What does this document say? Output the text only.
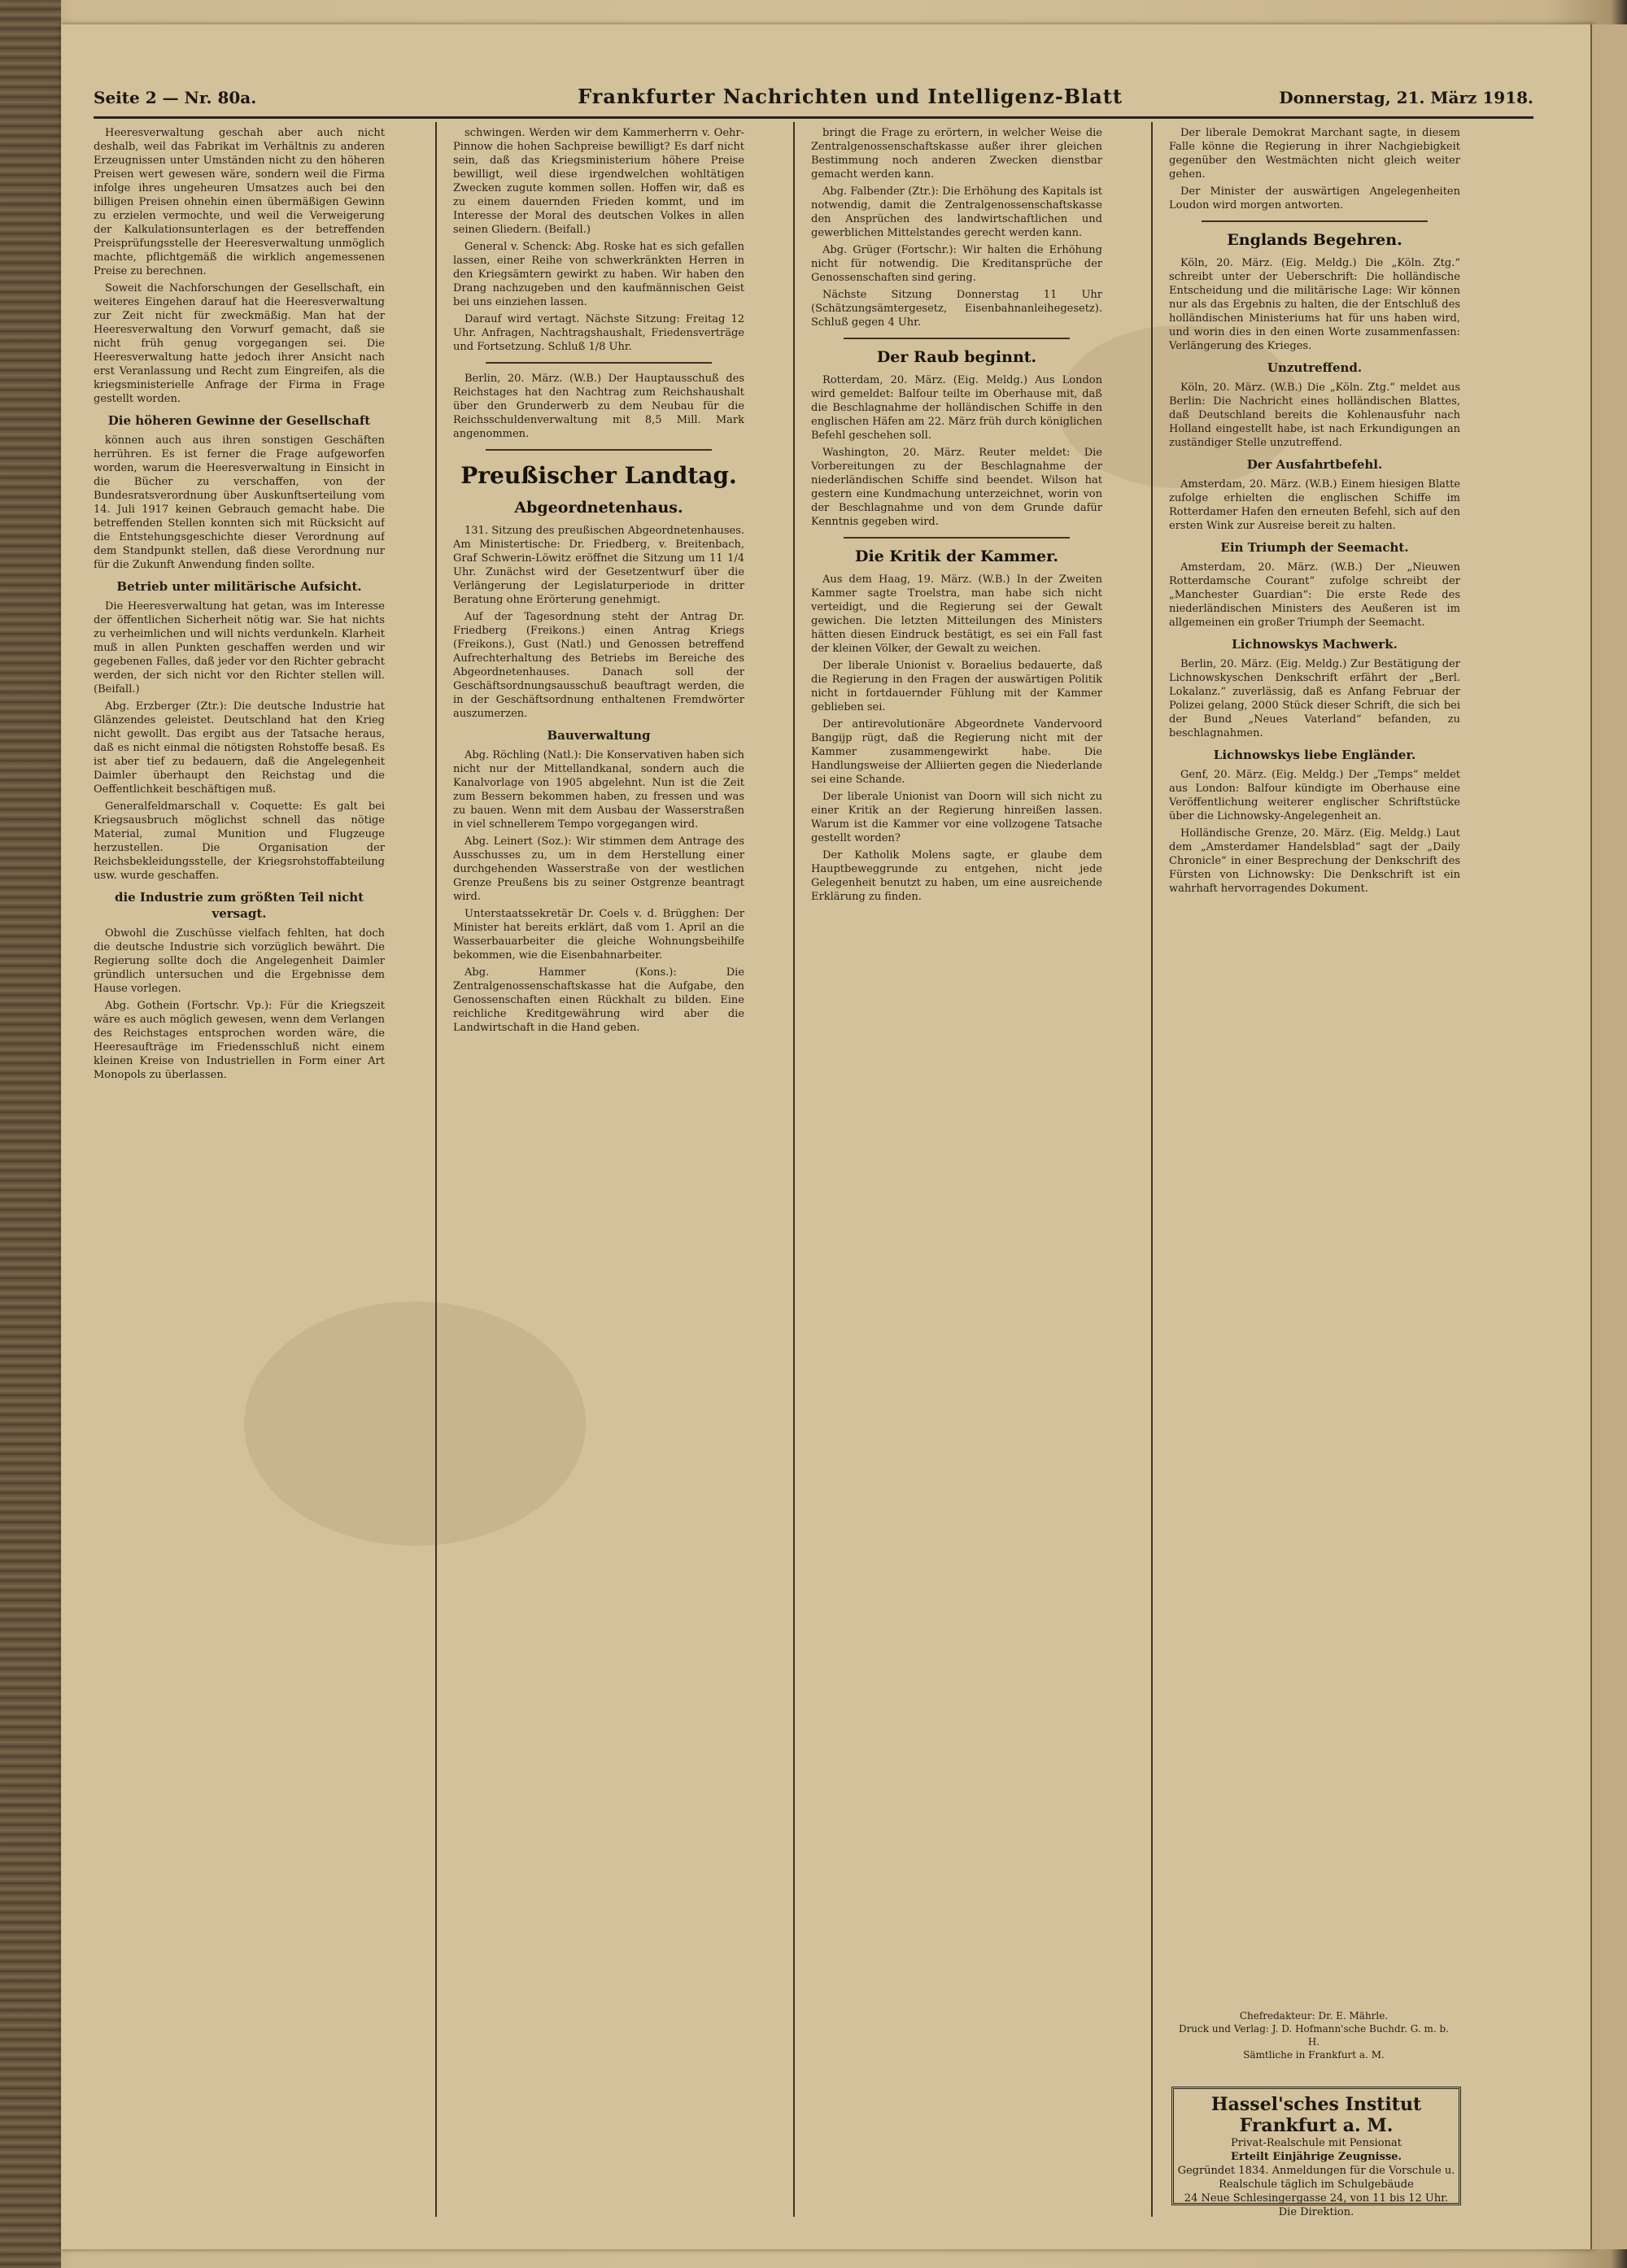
Seite 2 — Nr. 80a.	Frankfurter Nachrichten und Intelligenz-Blatt	Donnerstag, 21. März 1918.

Heeresverwaltung geschah aber auch nicht deshalb, weil das Fabrikat im Verhältnis zu anderen Erzeugnissen unter Umständen nicht zu den höheren Preisen wert gewesen wäre, sondern weil die Firma infolge ihres ungeheuren Umsatzes auch bei den billigen Preisen ohnehin einen übermäßigen Gewinn zu erzielen vermochte, und weil die Verweigerung der Kalkulationsunterlagen es der betreffenden Preisprüfungsstelle der Heeresverwaltung unmöglich machte, pflichtgemäß die wirklich angemessenen Preise zu berechnen.

Soweit die Nachforschungen der Gesellschaft, ein weiteres Eingehen darauf hat die Heeresverwaltung zur Zeit nicht für zweckmäßig. Man hat der Heeresverwaltung den Vorwurf gemacht, daß sie nicht früh genug vorgegangen sei. Die Heeresverwaltung hatte jedoch ihrer Ansicht nach erst Veranlassung und Recht zum Eingreifen, als die kriegsministerielle Anfrage der Firma in Frage gestellt worden.

Die höheren Gewinne der Gesellschaft

können auch aus ihren sonstigen Geschäften herrühren. Es ist ferner die Frage aufgeworfen worden, warum die Heeresverwaltung in Einsicht in die Bücher zu verschaffen, von der Bundesratsverordnung über Auskunftserteilung vom 14. Juli 1917 keinen Gebrauch gemacht habe. Die betreffenden Stellen konnten sich mit Rücksicht auf die Entstehungsgeschichte dieser Verordnung auf dem Standpunkt stellen, daß diese Verordnung nur für die Zukunft Anwendung finden sollte.

Betrieb unter militärische Aufsicht.

Die Heeresverwaltung hat getan, was im Interesse der öffentlichen Sicherheit nötig war. Sie hat nichts zu verheimlichen und will nichts verdunkeln. Klarheit muß in allen Punkten geschaffen werden und wir gegebenen Falles, daß jeder vor den Richter gebracht werden, der sich nicht vor den Richter stellen will. (Beifall.)

Abg. Erzberger (Ztr.): Die deutsche Industrie hat Glänzendes geleistet. Deutschland hat den Krieg nicht gewollt. Das ergibt aus der Tatsache heraus, daß es nicht einmal die nötigsten Rohstoffe besaß. Es ist aber tief zu bedauern, daß die Angelegenheit Daimler überhaupt den Reichstag und die Oeffentlichkeit beschäftigen muß.

Generalfeldmarschall v. Coquette: Es galt bei Kriegsausbruch möglichst schnell das nötige Material, zumal Munition und Flugzeuge herzustellen. Die Organisation der Reichsbekleidungsstelle, der Kriegsrohstoffabteilung usw. wurde geschaffen.

die Industrie zum größten Teil nicht versagt.

Obwohl die Zuschüsse vielfach fehlten, hat doch die deutsche Industrie sich vorzüglich bewährt. Die Regierung sollte doch die Angelegenheit Daimler gründlich untersuchen und die Ergebnisse dem Hause vorlegen.

Abg. Gothein (Fortschr. Vp.): Für die Kriegszeit wäre es auch möglich gewesen, wenn dem Verlangen des Reichstages entsprochen worden wäre, die Heeresaufträge im Friedensschluß nicht einem kleinen Kreise von Industriellen in Form einer Art Monopols zu überlassen.

schwingen. Werden wir dem Kammerherrn v. Oehr-Pinnow die hohen Sachpreise bewilligt? Es darf nicht sein, daß das Kriegsministerium höhere Preise bewilligt, weil diese irgendwelchen wohltätigen Zwecken zugute kommen sollen. Hoffen wir, daß es zu einem dauernden Frieden kommt, und im Interesse der Moral des deutschen Volkes in allen seinen Gliedern. (Beifall.)

General v. Schenck: Abg. Roske hat es sich gefallen lassen, einer Reihe von schwerkränkten Herren in den Kriegsämtern gewirkt zu haben. Wir haben den Drang nachzugeben und den kaufmännischen Geist bei uns einziehen lassen.

Darauf wird vertagt. Nächste Sitzung: Freitag 12 Uhr. Anfragen, Nachtragshaushalt, Friedensverträge und Fortsetzung. Schluß 1/8 Uhr.

Berlin, 20. März. (W.B.) Der Hauptausschuß des Reichstages hat den Nachtrag zum Reichshaushalt über den Grunderwerb zu dem Neubau für die Reichsschuldenverwaltung mit 8,5 Mill. Mark angenommen.

Preußischer Landtag.
Abgeordnetenhaus.

131. Sitzung des preußischen Abgeordnetenhauses. Am Ministertische: Dr. Friedberg, v. Breitenbach, Graf Schwerin-Löwitz eröffnet die Sitzung um 11 1/4 Uhr. Zunächst wird der Gesetzentwurf über die Verlängerung der Legislaturperiode in dritter Beratung ohne Erörterung genehmigt.

Auf der Tagesordnung steht der Antrag Dr. Friedberg (Freikons.) einen Antrag Kriegs (Freikons.), Gust (Natl.) und Genossen betreffend Aufrechterhaltung des Betriebs im Bereiche des Abgeordnetenhauses. Danach soll der Geschäftsordnungsausschuß beauftragt werden, die in der Geschäftsordnung enthaltenen Fremdwörter auszumerzen.

Bauverwaltung

Abg. Röchling (Natl.): Die Konservativen haben sich nicht nur der Mittellandkanal, sondern auch die Kanalvorlage von 1905 abgelehnt. Nun ist die Zeit zum Bessern bekommen haben, zu fressen und was zu bauen. Wenn mit dem Ausbau der Wasserstraßen in viel schnellerem Tempo vorgegangen wird.

Abg. Leinert (Soz.): Wir stimmen dem Antrage des Ausschusses zu, um in dem Herstellung einer durchgehenden Wasserstraße von der westlichen Grenze Preußens bis zu seiner Ostgrenze beantragt wird.

Unterstaatssekretär Dr. Coels v. d. Brügghen: Der Minister hat bereits erklärt, daß vom 1. April an die Wasserbauarbeiter die gleiche Wohnungsbeihilfe bekommen, wie die Eisenbahnarbeiter.

Abg. Hammer (Kons.): Die Zentralgenossenschaftskasse hat die Aufgabe, den Genossenschaften einen Rückhalt zu bilden. Eine reichliche Kreditgewährung wird aber die Landwirtschaft in die Hand geben.

bringt die Frage zu erörtern, in welcher Weise die Zentralgenossenschaftskasse außer ihrer gleichen Bestimmung noch anderen Zwecken dienstbar gemacht werden kann.

Abg. Falbender (Ztr.): Die Erhöhung des Kapitals ist notwendig, damit die Zentralgenossenschaftskasse den Ansprüchen des landwirtschaftlichen und gewerblichen Mittelstandes gerecht werden kann.

Abg. Grüger (Fortschr.): Wir halten die Erhöhung nicht für notwendig. Die Kreditansprüche der Genossenschaften sind gering.

Nächste Sitzung Donnerstag 11 Uhr (Schätzungsämtergesetz, Eisenbahnanleihegesetz). Schluß gegen 4 Uhr.

Der Raub beginnt.

Rotterdam, 20. März. (Eig. Meldg.) Aus London wird gemeldet: Balfour teilte im Oberhause mit, daß die Beschlagnahme der holländischen Schiffe in den englischen Häfen am 22. März früh durch königlichen Befehl geschehen soll.

Washington, 20. März. Reuter meldet: Die Vorbereitungen zu der Beschlagnahme der niederländischen Schiffe sind beendet. Wilson hat gestern eine Kundmachung unterzeichnet, worin von der Beschlagnahme und von dem Grunde dafür Kenntnis gegeben wird.

Die Kritik der Kammer.

Aus dem Haag, 19. März. (W.B.) In der Zweiten Kammer sagte Troelstra, man habe sich nicht verteidigt, und die Regierung sei der Gewalt gewichen. Die letzten Mitteilungen des Ministers hätten diesen Eindruck bestätigt, es sei ein Fall fast der kleinen Völker, der Gewalt zu weichen.

Der liberale Unionist v. Boraelius bedauerte, daß die Regierung in den Fragen der auswärtigen Politik nicht in fortdauernder Fühlung mit der Kammer geblieben sei.

Der antirevolutionäre Abgeordnete Vandervoord Bangijp rügt, daß die Regierung nicht mit der Kammer zusammengewirkt habe. Die Handlungsweise der Alliierten gegen die Niederlande sei eine Schande.

Der liberale Unionist van Doorn will sich nicht zu einer Kritik an der Regierung hinreißen lassen. Warum ist die Kammer vor eine vollzogene Tatsache gestellt worden?

Der Katholik Molens sagte, er glaube dem Hauptbeweggrunde zu entgehen, nicht jede Gelegenheit benutzt zu haben, um eine ausreichende Erklärung zu finden.

Der liberale Demokrat Marchant sagte, in diesem Falle könne die Regierung in ihrer Nachgiebigkeit gegenüber den Westmächten nicht gleich weiter gehen.

Der Minister der auswärtigen Angelegenheiten Loudon wird morgen antworten.

Englands Begehren.

Köln, 20. März. (Eig. Meldg.) Die „Köln. Ztg.“ schreibt unter der Ueberschrift: Die holländische Entscheidung und die militärische Lage: Wir können nur als das Ergebnis zu halten, die der Entschluß des holländischen Ministeriums hat für uns haben wird, und worin dies in den einen Worte zusammenfassen: Verlängerung des Krieges.

Unzutreffend.

Köln, 20. März. (W.B.) Die „Köln. Ztg.“ meldet aus Berlin: Die Nachricht eines holländischen Blattes, daß Deutschland bereits die Kohlenausfuhr nach Holland eingestellt habe, ist nach Erkundigungen an zuständiger Stelle unzutreffend.

Der Ausfahrtbefehl.

Amsterdam, 20. März. (W.B.) Einem hiesigen Blatte zufolge erhielten die englischen Schiffe im Rotterdamer Hafen den erneuten Befehl, sich auf den ersten Wink zur Ausreise bereit zu halten.

Ein Triumph der Seemacht.

Amsterdam, 20. März. (W.B.) Der „Nieuwen Rotterdamsche Courant“ zufolge schreibt der „Manchester Guardian“: Die erste Rede des niederländischen Ministers des Aeußeren ist im allgemeinen ein großer Triumph der Seemacht.

Lichnowskys Machwerk.

Berlin, 20. März. (Eig. Meldg.) Zur Bestätigung der Lichnowskyschen Denkschrift erfährt der „Berl. Lokalanz.“ zuverlässig, daß es Anfang Februar der Polizei gelang, 2000 Stück dieser Schrift, die sich bei der Bund „Neues Vaterland“ befanden, zu beschlagnahmen.

Lichnowskys liebe Engländer.

Genf, 20. März. (Eig. Meldg.) Der „Temps“ meldet aus London: Balfour kündigte im Oberhause eine Veröffentlichung weiterer englischer Schriftstücke über die Lichnowsky-Angelegenheit an.

Holländische Grenze, 20. März. (Eig. Meldg.) Laut dem „Amsterdamer Handelsblad“ sagt der „Daily Chronicle“ in einer Besprechung der Denkschrift des Fürsten von Lichnowsky: Die Denkschrift ist ein wahrhaft hervorragendes Dokument.

Chefredakteur: Dr. E. Mährle.
Druck und Verlag: J. D. Hofmann'sche Buchdr. G. m. b. H.
Sämtliche in Frankfurt a. M.
Hassel'sches Institut Frankfurt a. M.
Privat-Realschule mit Pensionat
Erteilt Einjährige Zeugnisse.
Gegründet 1834. Anmeldungen für die Vorschule u. Realschule täglich im Schulgebäude
24 Neue Schlesingergasse 24, von 11 bis 12 Uhr.
Die Direktion.
